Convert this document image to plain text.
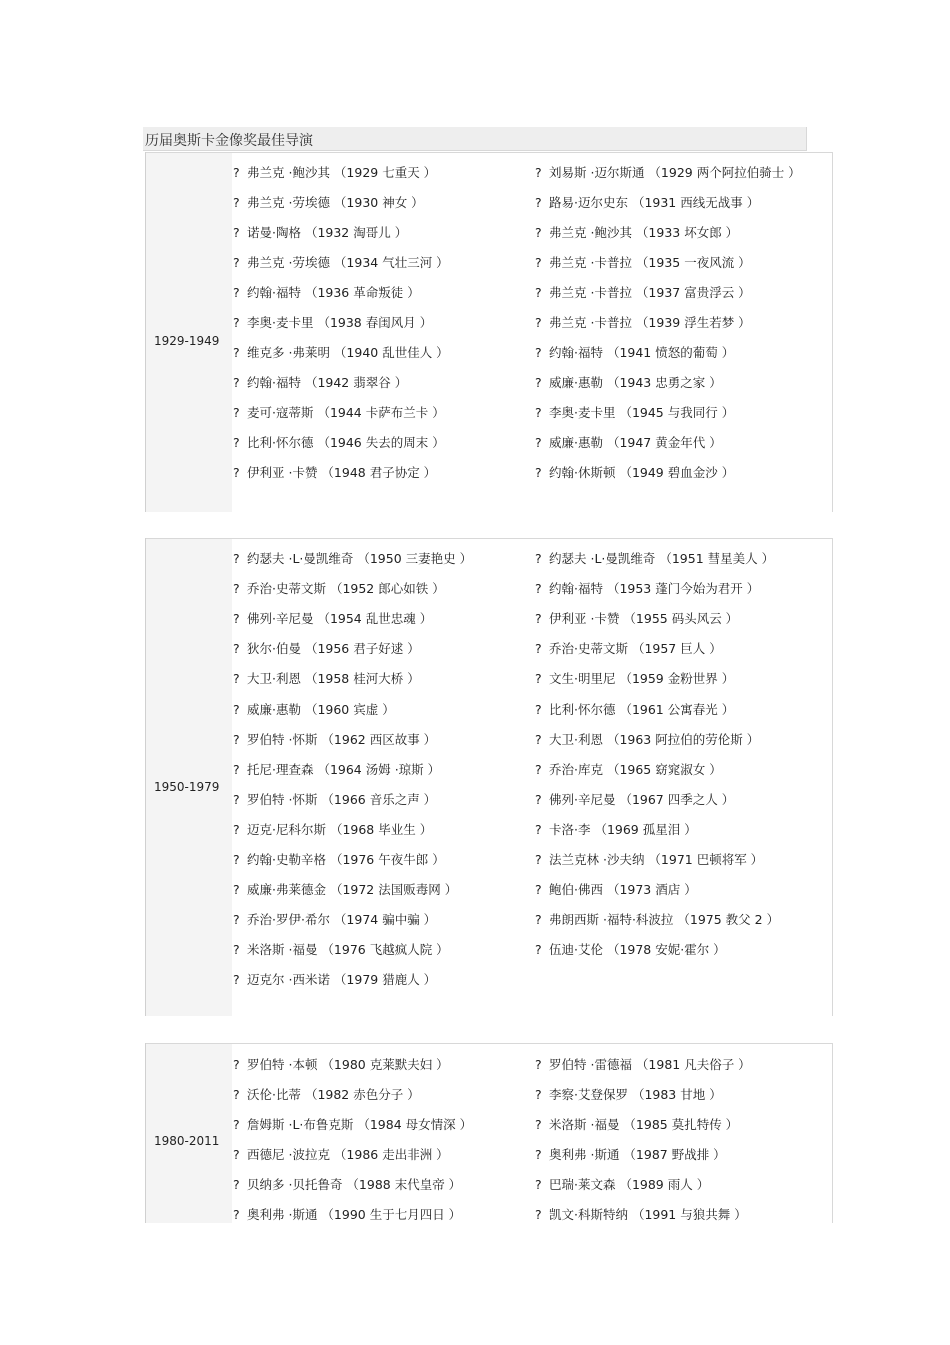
历届奥斯卡金像奖最佳导演
1929-1949
1950-1979
1980-2011
? 弗兰克 ·鲍沙其 （1929 七重天 ）
? 弗兰克 ·劳埃德 （1930 神女 ）
? 诺曼·陶格 （1932 淘哥儿 ）
? 弗兰克 ·劳埃德 （1934 气壮三河 ）
? 约翰·福特 （1936 革命叛徒 ）
? 李奥·麦卡里 （1938 春闺风月 ）
? 维克多 ·弗莱明 （1940 乱世佳人 ）
? 约翰·福特 （1942 翡翠谷 ）
? 麦可·寇蒂斯 （1944 卡萨布兰卡 ）
? 比利·怀尔德 （1946 失去的周末 ）
? 伊利亚 ·卡赞 （1948 君子协定 ）
? 刘易斯 ·迈尔斯通 （1929 两个阿拉伯骑士 ）
? 路易·迈尔史东 （1931 西线无战事 ）
? 弗兰克 ·鲍沙其 （1933 坏女郎 ）
? 弗兰克 ·卡普拉 （1935 一夜风流 ）
? 弗兰克 ·卡普拉 （1937 富贵浮云 ）
? 弗兰克 ·卡普拉 （1939 浮生若梦 ）
? 约翰·福特 （1941 愤怒的葡萄 ）
? 威廉·惠勒 （1943 忠勇之家 ）
? 李奥·麦卡里 （1945 与我同行 ）
? 威廉·惠勒 （1947 黄金年代 ）
? 约翰·休斯顿 （1949 碧血金沙 ）
? 约瑟夫 ·L·曼凯维奇 （1950 三妻艳史 ）
? 乔治·史蒂文斯 （1952 郎心如铁 ）
? 佛列·辛尼曼 （1954 乱世忠魂 ）
? 狄尔·伯曼 （1956 君子好逑 ）
? 大卫·利恩 （1958 桂河大桥 ）
? 威廉·惠勒 （1960 宾虚 ）
? 罗伯特 ·怀斯 （1962 西区故事 ）
? 托尼·理查森 （1964 汤姆 ·琼斯 ）
? 罗伯特 ·怀斯 （1966 音乐之声 ）
? 迈克·尼科尔斯 （1968 毕业生 ）
? 约翰·史勒辛格 （1976 午夜牛郎 ）
? 威廉·弗莱德金 （1972 法国贩毒网 ）
? 乔治·罗伊·希尔 （1974 骗中骗 ）
? 米洛斯 ·福曼 （1976 飞越疯人院 ）
? 迈克尔 ·西米诺 （1979 猎鹿人 ）
? 约瑟夫 ·L·曼凯维奇 （1951 彗星美人 ）
? 约翰·福特 （1953 蓬门今始为君开 ）
? 伊利亚 ·卡赞 （1955 码头风云 ）
? 乔治·史蒂文斯 （1957 巨人 ）
? 文生·明里尼 （1959 金粉世界 ）
? 比利·怀尔德 （1961 公寓春光 ）
? 大卫·利恩 （1963 阿拉伯的劳伦斯 ）
? 乔治·库克 （1965 窈窕淑女 ）
? 佛列·辛尼曼 （1967 四季之人 ）
? 卡洛·李 （1969 孤星泪 ）
? 法兰克林 ·沙夫纳 （1971 巴顿将军 ）
? 鲍伯·佛西 （1973 酒店 ）
? 弗朗西斯 ·福特·科波拉 （1975 教父 2 ）
? 伍迪·艾伦 （1978 安妮·霍尔 ）
? 罗伯特 ·本顿 （1980 克莱默夫妇 ）
? 沃伦·比蒂 （1982 赤色分子 ）
? 詹姆斯 ·L·布鲁克斯 （1984 母女情深 ）
? 西德尼 ·波拉克 （1986 走出非洲 ）
? 贝纳多 ·贝托鲁奇 （1988 末代皇帝 ）
? 奥利弗 ·斯通 （1990 生于七月四日 ）
? 罗伯特 ·雷德福 （1981 凡夫俗子 ）
? 李察·艾登保罗 （1983 甘地 ）
? 米洛斯 ·福曼 （1985 莫扎特传 ）
? 奥利弗 ·斯通 （1987 野战排 ）
? 巴瑞·莱文森 （1989 雨人 ）
? 凯文·科斯特纳 （1991 与狼共舞 ）
